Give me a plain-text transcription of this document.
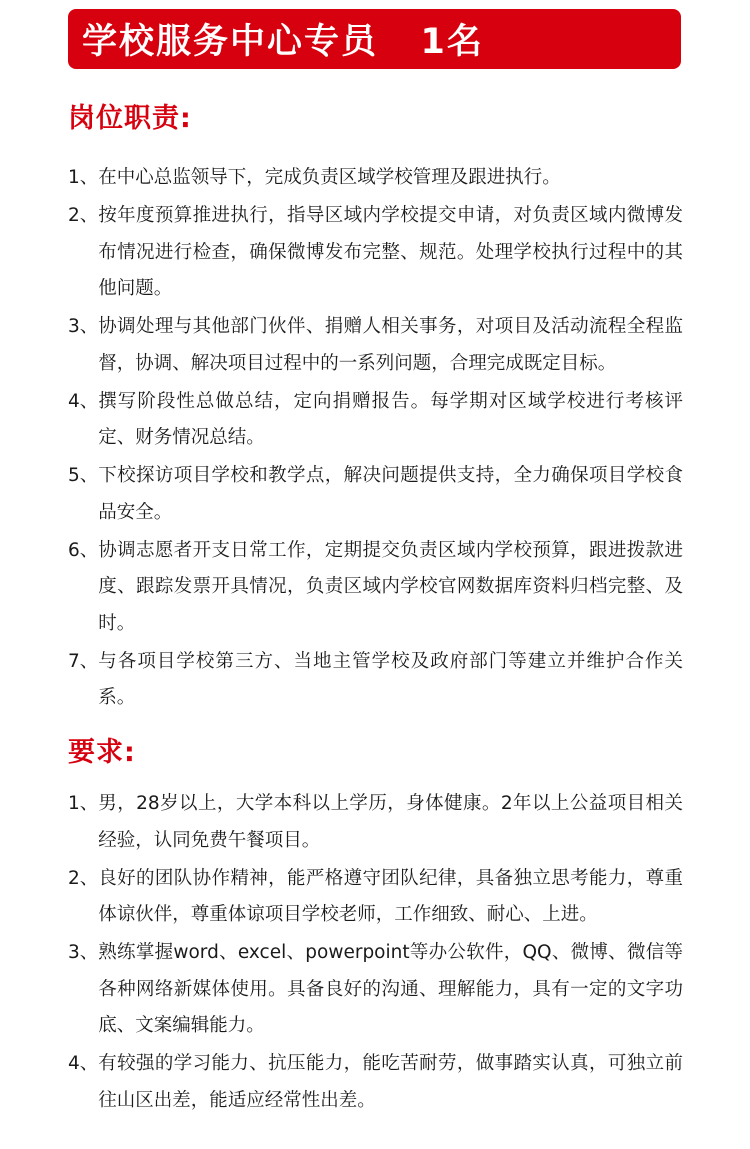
学校服务中心专员   1名
岗位职责:
1、 在中心总监领导下，完成负责区域学校管理及跟进执行。
2、 按年度预算推进执行，指导区域内学校提交申请，对负责区域内微博发布情况进行检查，确保微博发布完整、规范。处理学校执行过程中的其他问题。
3、 协调处理与其他部门伙伴、捐赠人相关事务，对项目及活动流程全程监督，协调、解决项目过程中的一系列问题，合理完成既定目标。
4、 撰写阶段性总做总结，定向捐赠报告。每学期对区域学校进行考核评定、财务情况总结。
5、 下校探访项目学校和教学点，解决问题提供支持，全力确保项目学校食品安全。
6、 协调志愿者开支日常工作，定期提交负责区域内学校预算，跟进拨款进度、跟踪发票开具情况，负责区域内学校官网数据库资料归档完整、及时。
7、 与各项目学校第三方、当地主管学校及政府部门等建立并维护合作关系。
要求:
1、 男，28岁以上，大学本科以上学历，身体健康。2年以上公益项目相关经验，认同免费午餐项目。
2、 良好的团队协作精神，能严格遵守团队纪律，具备独立思考能力，尊重体谅伙伴，尊重体谅项目学校老师，工作细致、耐心、上进。
3、 熟练掌握word、excel、powerpoint等办公软件，QQ、微博、微信等各种网络新媒体使用。具备良好的沟通、理解能力，具有一定的文字功底、文案编辑能力。
4、 有较强的学习能力、抗压能力，能吃苦耐劳，做事踏实认真，可独立前往山区出差，能适应经常性出差。
